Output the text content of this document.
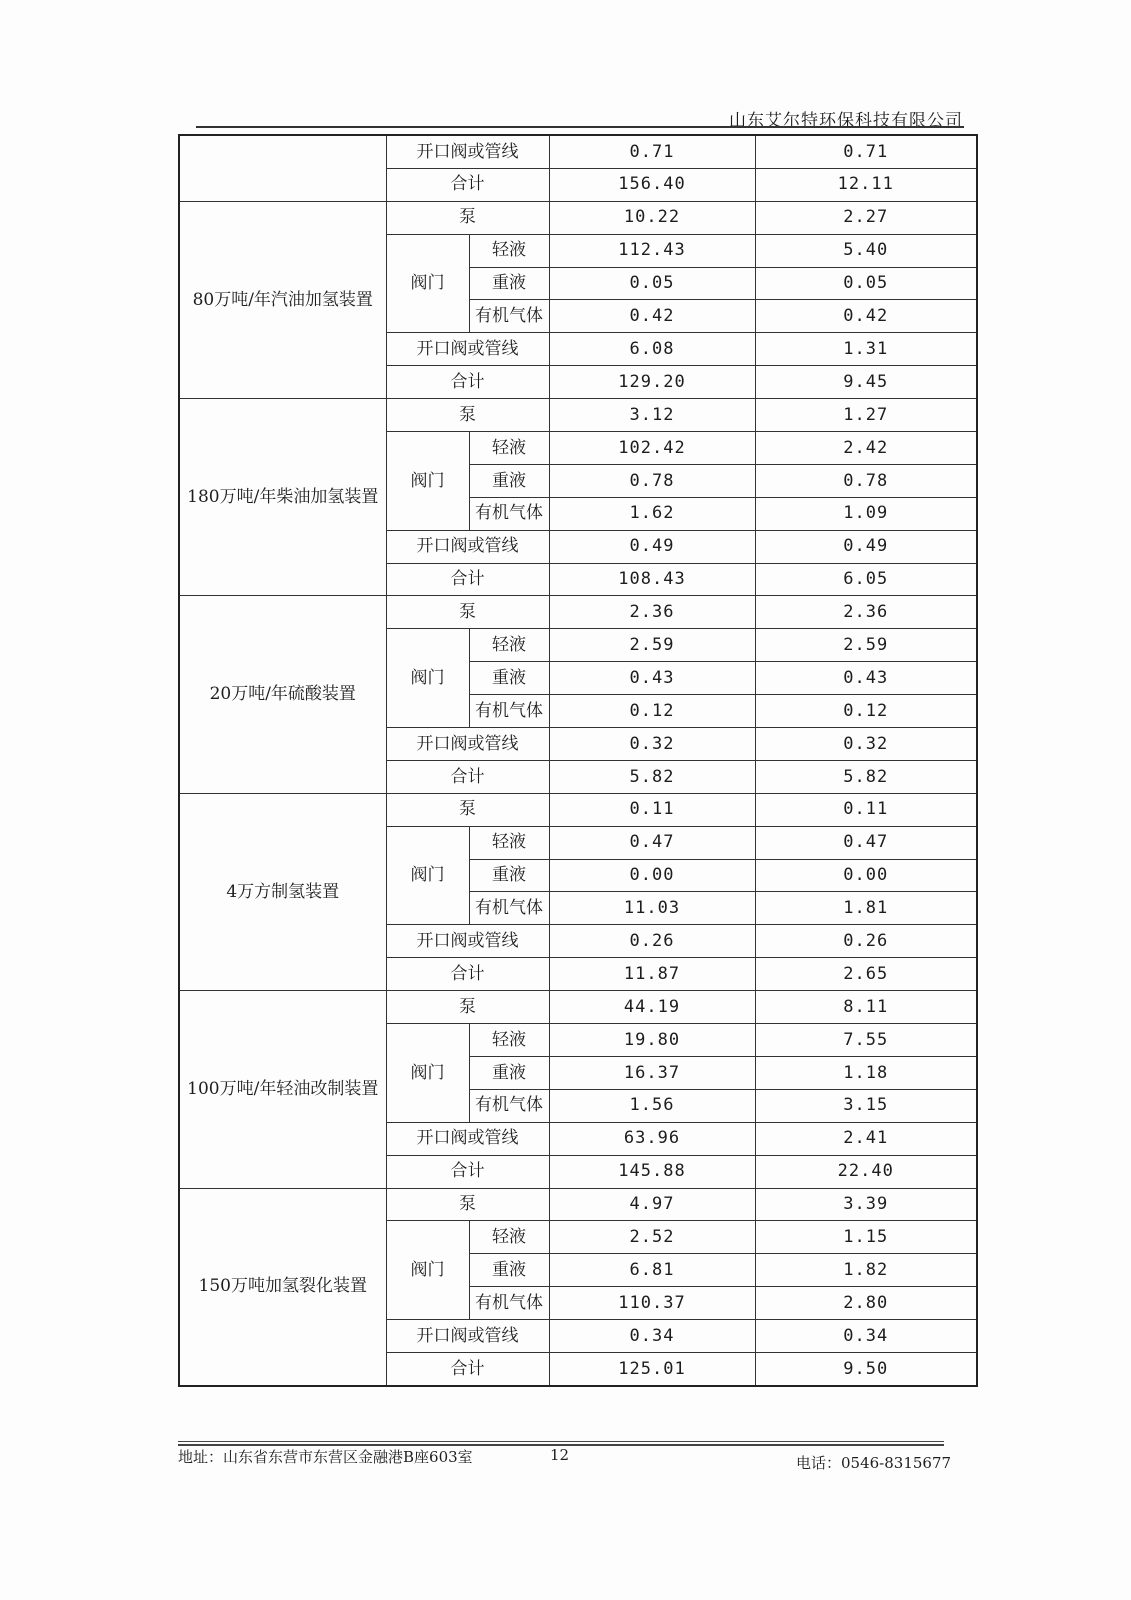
山东艾尔特环保科技有限公司
	开口阀或管线		0.71	0.71
	合计		156.40	12.11
80万吨/年汽油加氢装置	泵		10.22	2.27
	阀门	轻液	112.43	5.40
		重液	0.05	0.05
		有机气体	0.42	0.42
	开口阀或管线		6.08	1.31
	合计		129.20	9.45
180万吨/年柴油加氢装置	泵		3.12	1.27
	阀门	轻液	102.42	2.42
		重液	0.78	0.78
		有机气体	1.62	1.09
	开口阀或管线		0.49	0.49
	合计		108.43	6.05
20万吨/年硫酸装置	泵		2.36	2.36
	阀门	轻液	2.59	2.59
		重液	0.43	0.43
		有机气体	0.12	0.12
	开口阀或管线		0.32	0.32
	合计		5.82	5.82
4万方制氢装置	泵		0.11	0.11
	阀门	轻液	0.47	0.47
		重液	0.00	0.00
		有机气体	11.03	1.81
	开口阀或管线		0.26	0.26
	合计		11.87	2.65
100万吨/年轻油改制装置	泵		44.19	8.11
	阀门	轻液	19.80	7.55
		重液	16.37	1.18
		有机气体	1.56	3.15
	开口阀或管线		63.96	2.41
	合计		145.88	22.40
150万吨加氢裂化装置	泵		4.97	3.39
	阀门	轻液	2.52	1.15
		重液	6.81	1.82
		有机气体	110.37	2.80
	开口阀或管线		0.34	0.34
	合计		125.01	9.50
地址：山东省东营市东营区金融港B座603室	12	电话：0546-8315677
